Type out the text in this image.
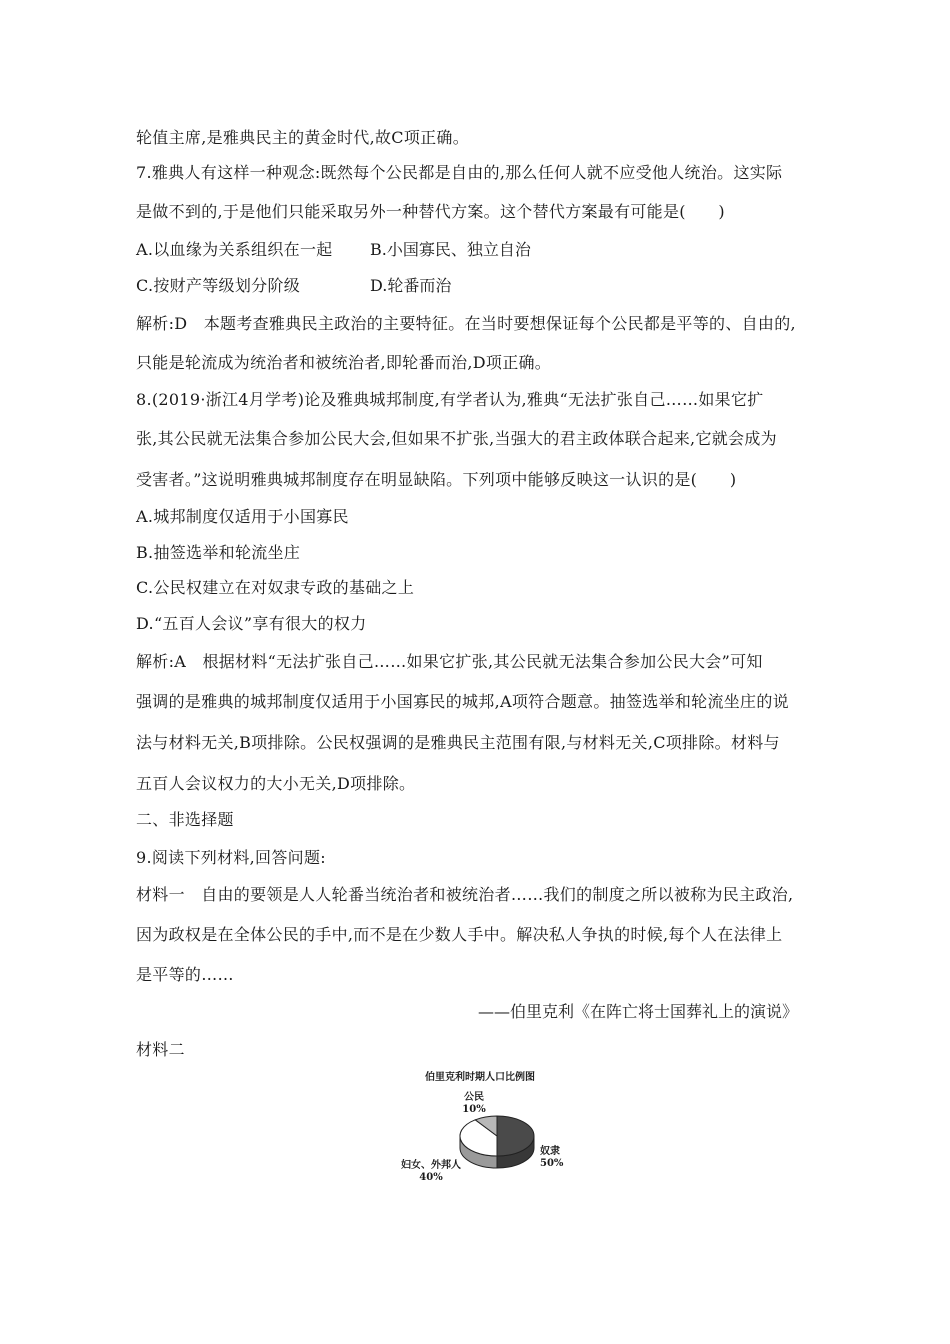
轮值主席,是雅典民主的黄金时代,故C项正确。
7.雅典人有这样一种观念:既然每个公民都是自由的,那么任何人就不应受他人统治。这实际
是做不到的,于是他们只能采取另外一种替代方案。这个替代方案最有可能是(　　)
A.以血缘为关系组织在一起 B.小国寡民、独立自治
C.按财产等级划分阶级	D.轮番而治
解析:D　本题考查雅典民主政治的主要特征。在当时要想保证每个公民都是平等的、自由的,
只能是轮流成为统治者和被统治者,即轮番而治,D项正确。
8.(2019·浙江4月学考)论及雅典城邦制度,有学者认为,雅典“无法扩张自己……如果它扩
张,其公民就无法集合参加公民大会,但如果不扩张,当强大的君主政体联合起来,它就会成为
受害者。”这说明雅典城邦制度存在明显缺陷。下列项中能够反映这一认识的是(　　)
A.城邦制度仅适用于小国寡民
B.抽签选举和轮流坐庄
C.公民权建立在对奴隶专政的基础之上
D.“五百人会议”享有很大的权力
解析:A　根据材料“无法扩张自己……如果它扩张,其公民就无法集合参加公民大会”可知
强调的是雅典的城邦制度仅适用于小国寡民的城邦,A项符合题意。抽签选举和轮流坐庄的说
法与材料无关,B项排除。公民权强调的是雅典民主范围有限,与材料无关,C项排除。材料与
五百人会议权力的大小无关,D项排除。
二、非选择题
9.阅读下列材料,回答问题:
材料一　自由的要领是人人轮番当统治者和被统治者……我们的制度之所以被称为民主政治,
因为政权是在全体公民的手中,而不是在少数人手中。解决私人争执的时候,每个人在法律上
是平等的……
——伯里克利《在阵亡将士国葬礼上的演说》
材料二
伯里克利时期人口比例图
公民
10%
奴隶
50%
妇女、外邦人
40%
